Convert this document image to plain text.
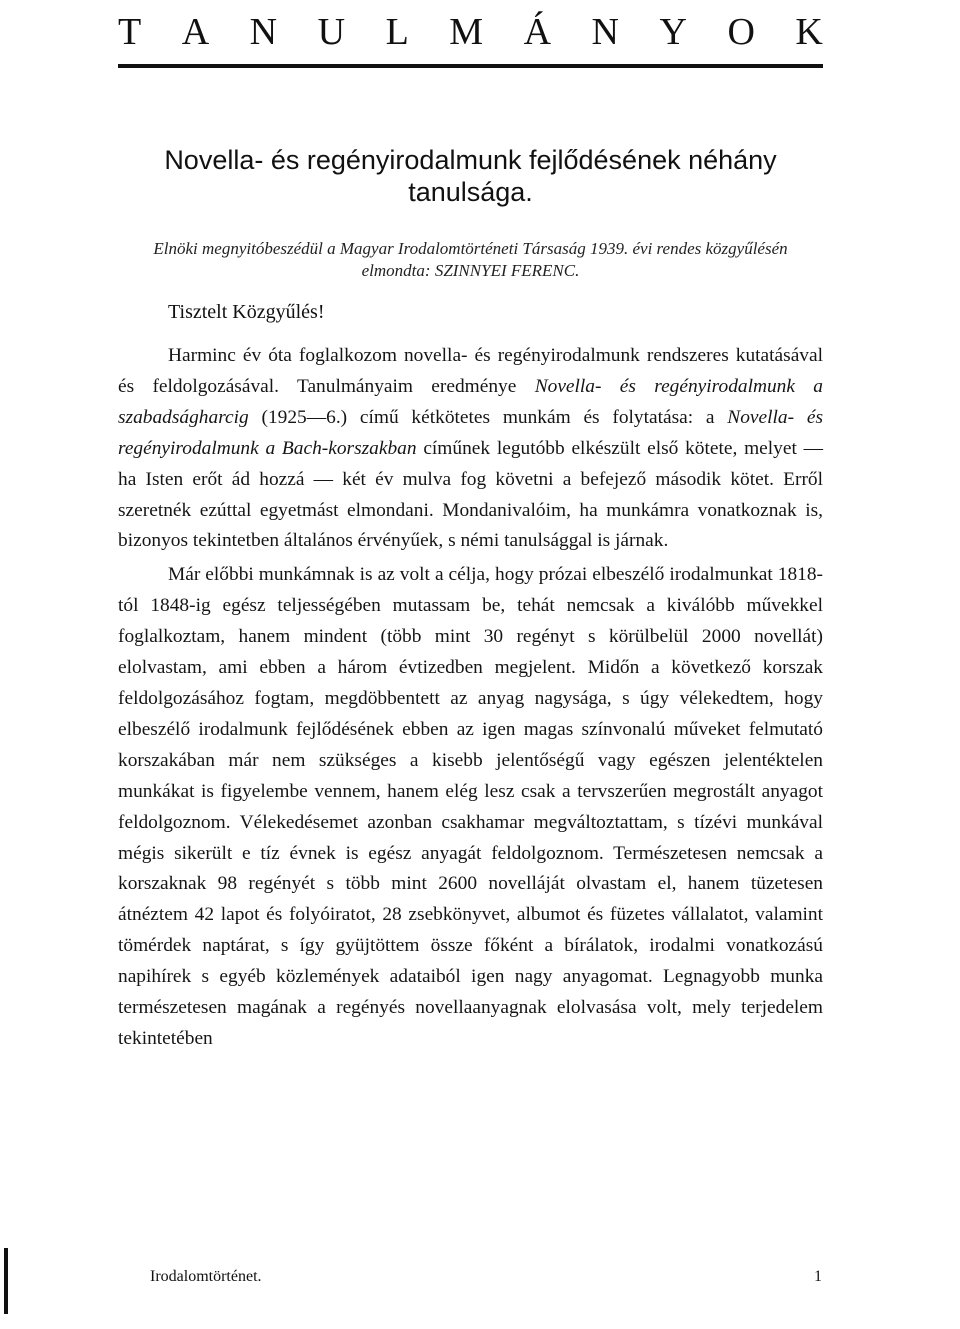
T A N U L M Á N Y O K
Novella- és regényirodalmunk fejlődésének néhány tanulsága.
Elnöki megnyitóbeszédül a Magyar Irodalomtörténeti Társaság 1939. évi rendes közgyűlésén elmondta: SZINNYEI FERENC.
Tisztelt Közgyűlés!

Harminc év óta foglalkozom novella- és regényirodalmunk rendszeres kutatásával és feldolgozásával. Tanulmányaim eredménye Novella- és regényirodalmunk a szabadságharcig (1925—6.) című kétkötetes munkám és folytatása: a Novella- és regényirodalmunk a Bach-korszakban címűnek legutóbb elkészült első kötete, melyet — ha Isten erőt ád hozzá — két év mulva fog követni a befejező második kötet. Erről szeretnék ezúttal egyetmást elmondani. Mondanivalóim, ha munkámra vonatkoznak is, bizonyos tekintetben általános érvényűek, s némi tanulsággal is járnak.

Már előbbi munkámnak is az volt a célja, hogy prózai elbeszélő irodalmunkat 1818-tól 1848-ig egész teljességében mutassam be, tehát nemcsak a kiválóbb művekkel foglalkoztam, hanem mindent (több mint 30 regényt s körülbelül 2000 novellát) elolvastam, ami ebben a három évtizedben megjelent. Midőn a következő korszak feldolgozásához fogtam, megdöbbentett az anyag nagysága, s úgy vélekedtem, hogy elbeszélő irodalmunk fejlődésének ebben az igen magas színvonalú műveket felmutató korszakában már nem szükséges a kisebb jelentőségű vagy egészen jelentéktelen munkákat is figyelembe vennem, hanem elég lesz csak a tervszerűen megrostált anyagot feldolgoznom. Vélekedésemet azonban csakhamar megváltoztattam, s tízévi munkával mégis sikerült e tíz évnek is egész anyagát feldolgoznom. Természetesen nemcsak a korszaknak 98 regényét s több mint 2600 novelláját olvastam el, hanem tüzetesen átnéztem 42 lapot és folyóiratot, 28 zsebkönyvet, albumot és füzetes vállalatot, valamint tömérdek naptárat, s így gyüjtöttem össze főként a bírálatok, irodalmi vonatkozású napihírek s egyéb közlemények adataiból igen nagy anyagomat. Legnagyobb munka természetesen magának a regényés novellaanyagnak elolvasása volt, mely terjedelem tekintetében

Irodalomtörténet.	1
